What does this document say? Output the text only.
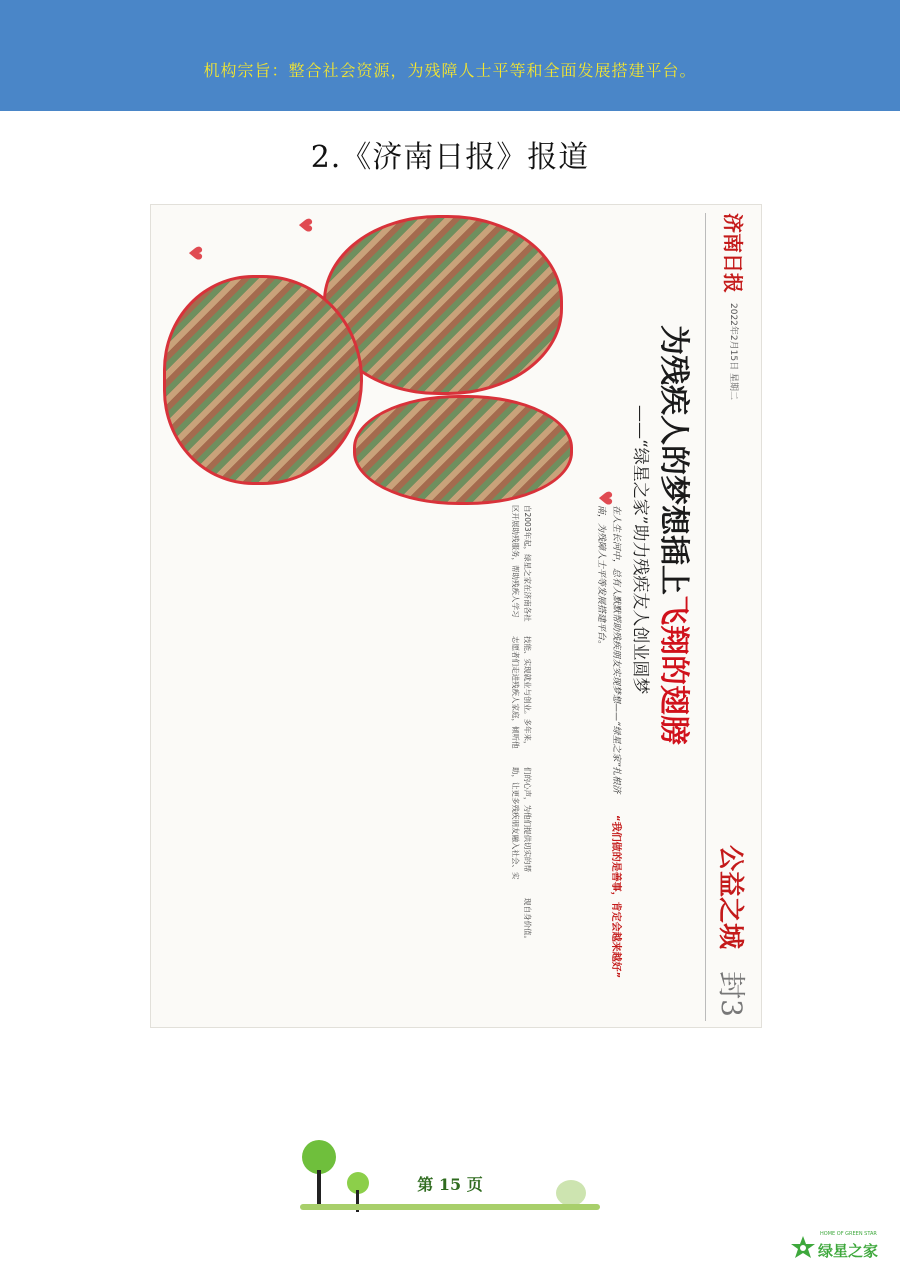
机构宗旨：整合社会资源，为残障人士平等和全面发展搭建平台。
2.《济南日报》报道
济南日报
2022年2月15日 星期二
公益之城
封3
为残疾人的梦想插上飞翔的翅膀
——“绿星之家”助力残疾友人创业圆梦
在人生长河中，总有人默默帮助残疾朋友实现梦想——“绿星之家”扎根济南，为残障人士平等发展搭建平台。
“我们做的是善事，肯定会越来越好”
自2003年起，绿星之家在济南各社区开展助残服务，帮助残疾人学习技能、实现就业与创业。多年来，志愿者们走进残疾人家庭，倾听他们的心声，为他们提供切实的帮助，让更多残疾朋友融入社会、实现自身价值。
♥
♥
♥
第 15 页
HOME OF GREEN STAR
绿星之家
